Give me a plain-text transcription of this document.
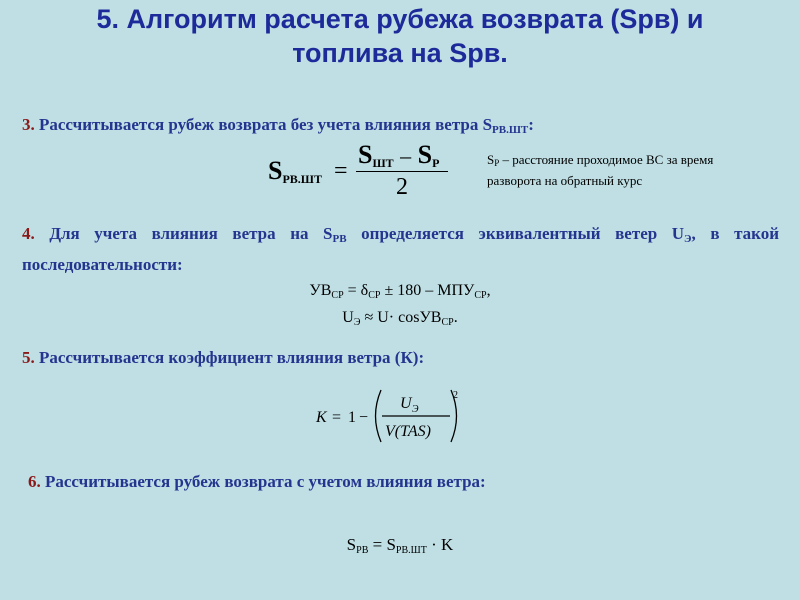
5. Алгоритм расчета рубежа возврата (Sрв) и
топлива на Sрв.
3. Рассчитывается рубеж возврата без учета влияния ветра $S_{РВ.ШТ}$:
$S_{РВ.ШТ}$ =
$S_{ШТ} - S_Р$
2
$S_Р$ – расстояние проходимое ВС за время
разворота на обратный курс
4. Для учета влияния ветра на $S_{РВ}$ определяется эквивалентный ветер $U_Э$, в такой последовательности:
$УВ_{СР} = \delta_{СР} \pm 180 - МПУ_{СР}$,
$U_Э \approx U\cdot \cos УВ_{СР}$.
5. Рассчитывается коэффициент влияния ветра (К):
K = 1 −
U Э
V(TAS)
2
6. Рассчитывается рубеж возврата с учетом влияния ветра:
$S_{РВ} = S_{РВ.ШТ} \cdot K$
